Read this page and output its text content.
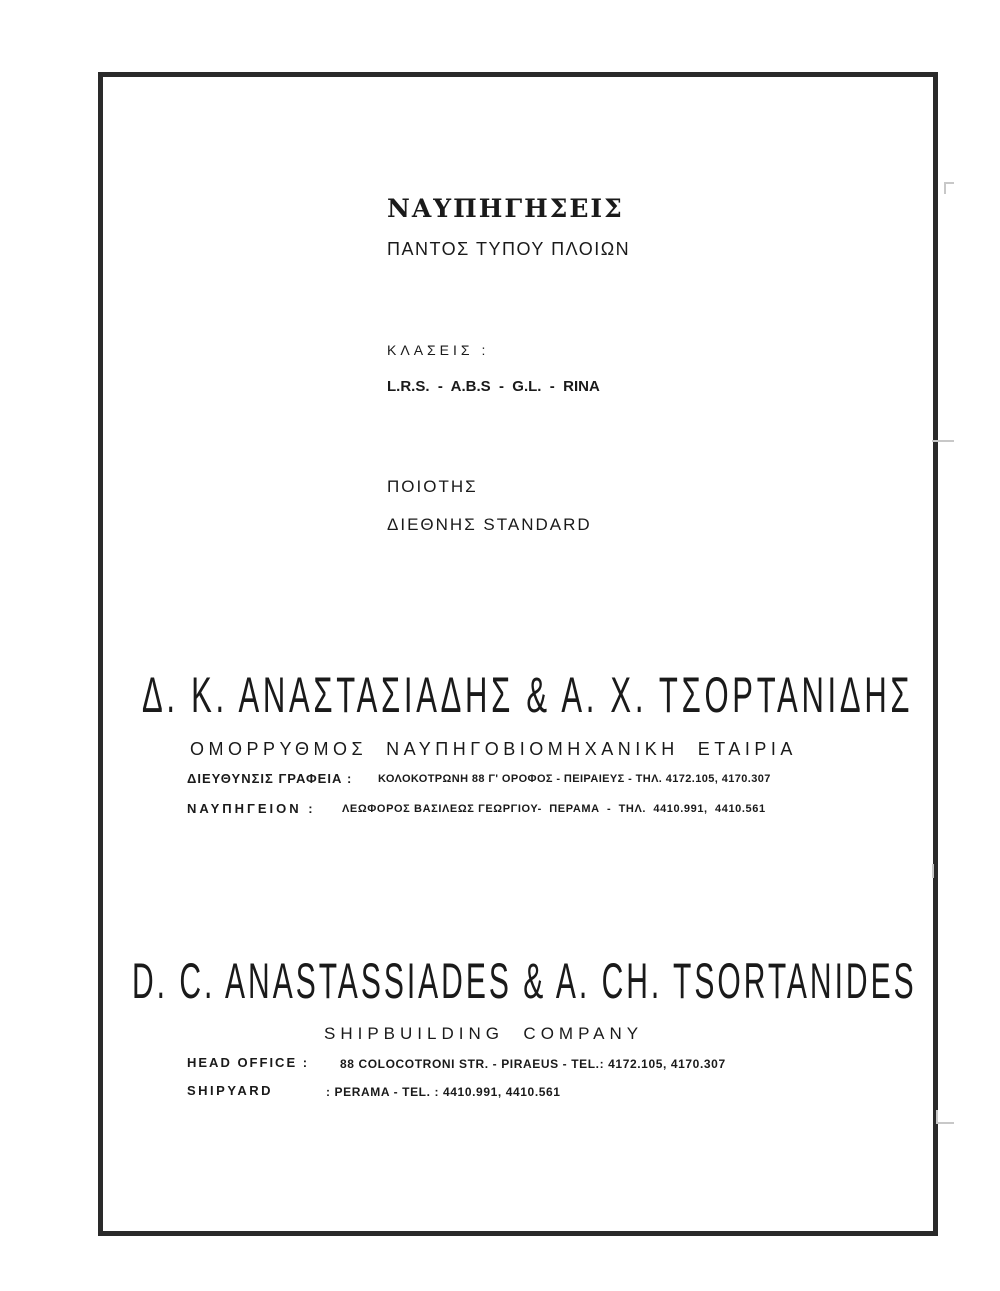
ΝΑΥΠΗΓΗΣΕΙΣ
ΠΑΝΤΟΣ ΤΥΠΟΥ ΠΛΟΙΩΝ
ΚΛΑΣΕΙΣ :
L.R.S.  -  A.B.S  -  G.L.  -  RINA
ΠΟΙΟΤΗΣ
ΔΙΕΘΝΗΣ STANDARD
Δ. Κ. ΑΝΑΣΤΑΣΙΑΔΗΣ & Α. Χ. ΤΣΟΡΤΑΝΙΔΗΣ
ΟΜΟΡΡΥΘΜΟΣ  ΝΑΥΠΗΓΟΒΙΟΜΗΧΑΝΙΚΗ  ΕΤΑΙΡΙΑ
ΔΙΕΥΘΥΝΣΙΣ ΓΡΑΦΕΙΑ : ΚΟΛΟΚΟΤΡΩΝΗ 88 Γ' ΟΡΟΦΟΣ - ΠΕΙΡΑΙΕΥΣ - ΤΗΛ. 4172.105, 4170.307
ΝΑΥΠΗΓΕΙΟΝ : ΛΕΩΦΟΡΟΣ ΒΑΣΙΛΕΩΣ ΓΕΩΡΓΙΟΥ-  ΠΕΡΑΜΑ  -  ΤΗΛ.  4410.991,  4410.561
D. C. ANASTASSIADES & A. CH. TSORTANIDES
SHIPBUILDING  COMPANY
HEAD OFFICE :	88 COLOCOTRONI STR. - PIRAEUS - TEL.: 4172.105, 4170.307
SHIPYARD	: PERAMA - TEL. : 4410.991, 4410.561
